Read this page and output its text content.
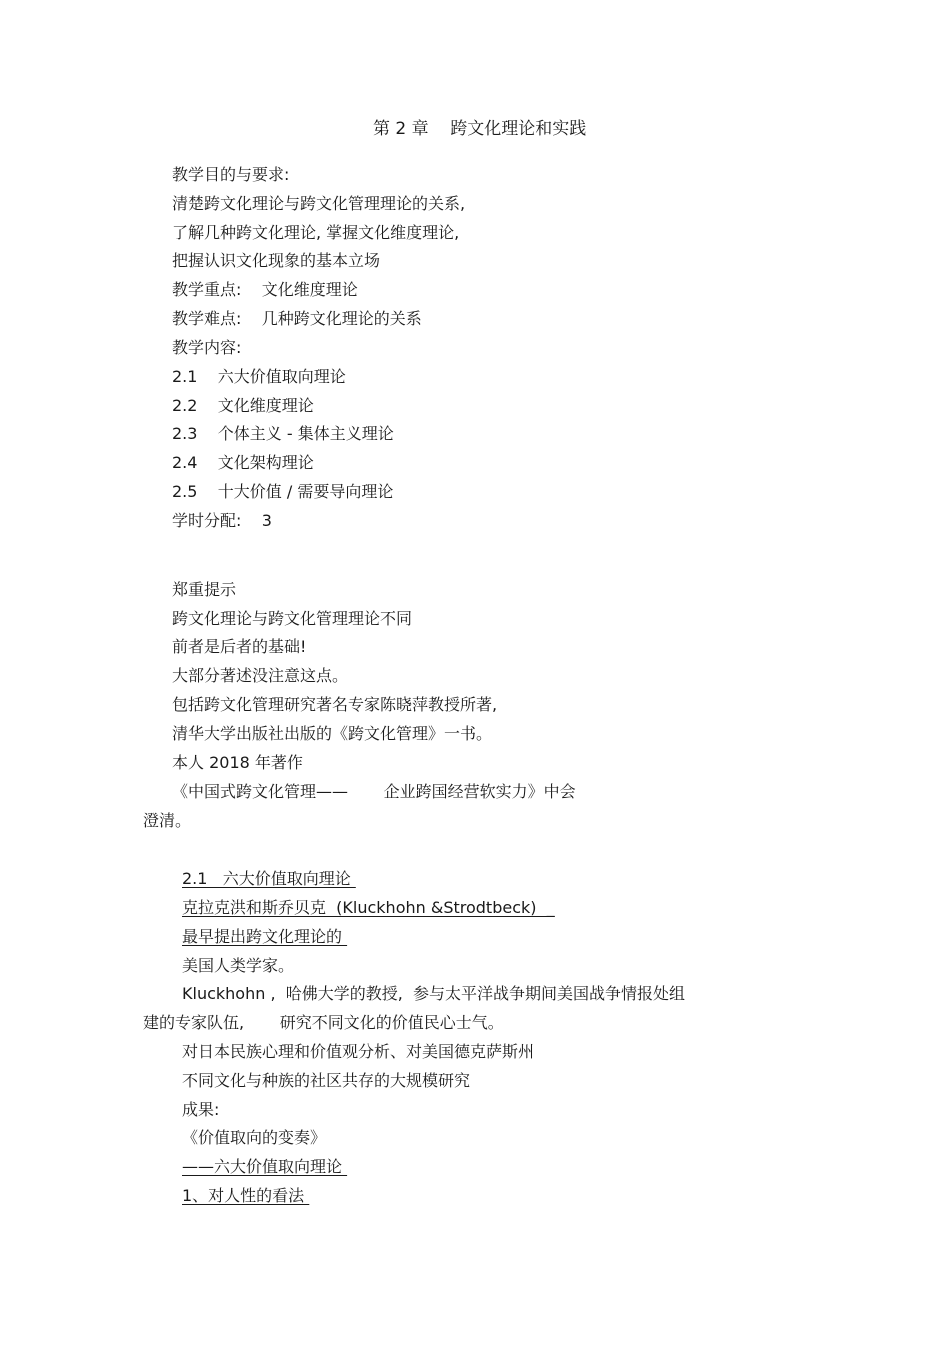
第 2 章    跨文化理论和实践
教学目的与要求:
清楚跨文化理论与跨文化管理理论的关系,
了解几种跨文化理论, 掌握文化维度理论,
把握认识文化现象的基本立场
教学重点:    文化维度理论
教学难点:    几种跨文化理论的关系
教学内容:
2.1    六大价值取向理论
2.2    文化维度理论
2.3    个体主义 - 集体主义理论
2.4    文化架构理论
2.5    十大价值 / 需要导向理论
学时分配:    3
郑重提示
跨文化理论与跨文化管理理论不同
前者是后者的基础!
大部分著述没注意这点。
包括跨文化管理研究著名专家陈晓萍教授所著,
清华大学出版社出版的《跨文化管理》一书。
本人 2018 年著作
《中国式跨文化管理——       企业跨国经营软实力》中会
澄清。
2.1   六大价值取向理论
克拉克洪和斯乔贝克  (Kluckhohn &Strodtbeck)  _
最早提出跨文化理论的
美国人类学家。
Kluckhohn ,  哈佛大学的教授,  参与太平洋战争期间美国战争情报处组
建的专家队伍,       研究不同文化的价值民心士气。
对日本民族心理和价值观分析、对美国德克萨斯州
不同文化与种族的社区共存的大规模研究
成果:
《价值取向的变奏》
——六大价值取向理论
1、对人性的看法
